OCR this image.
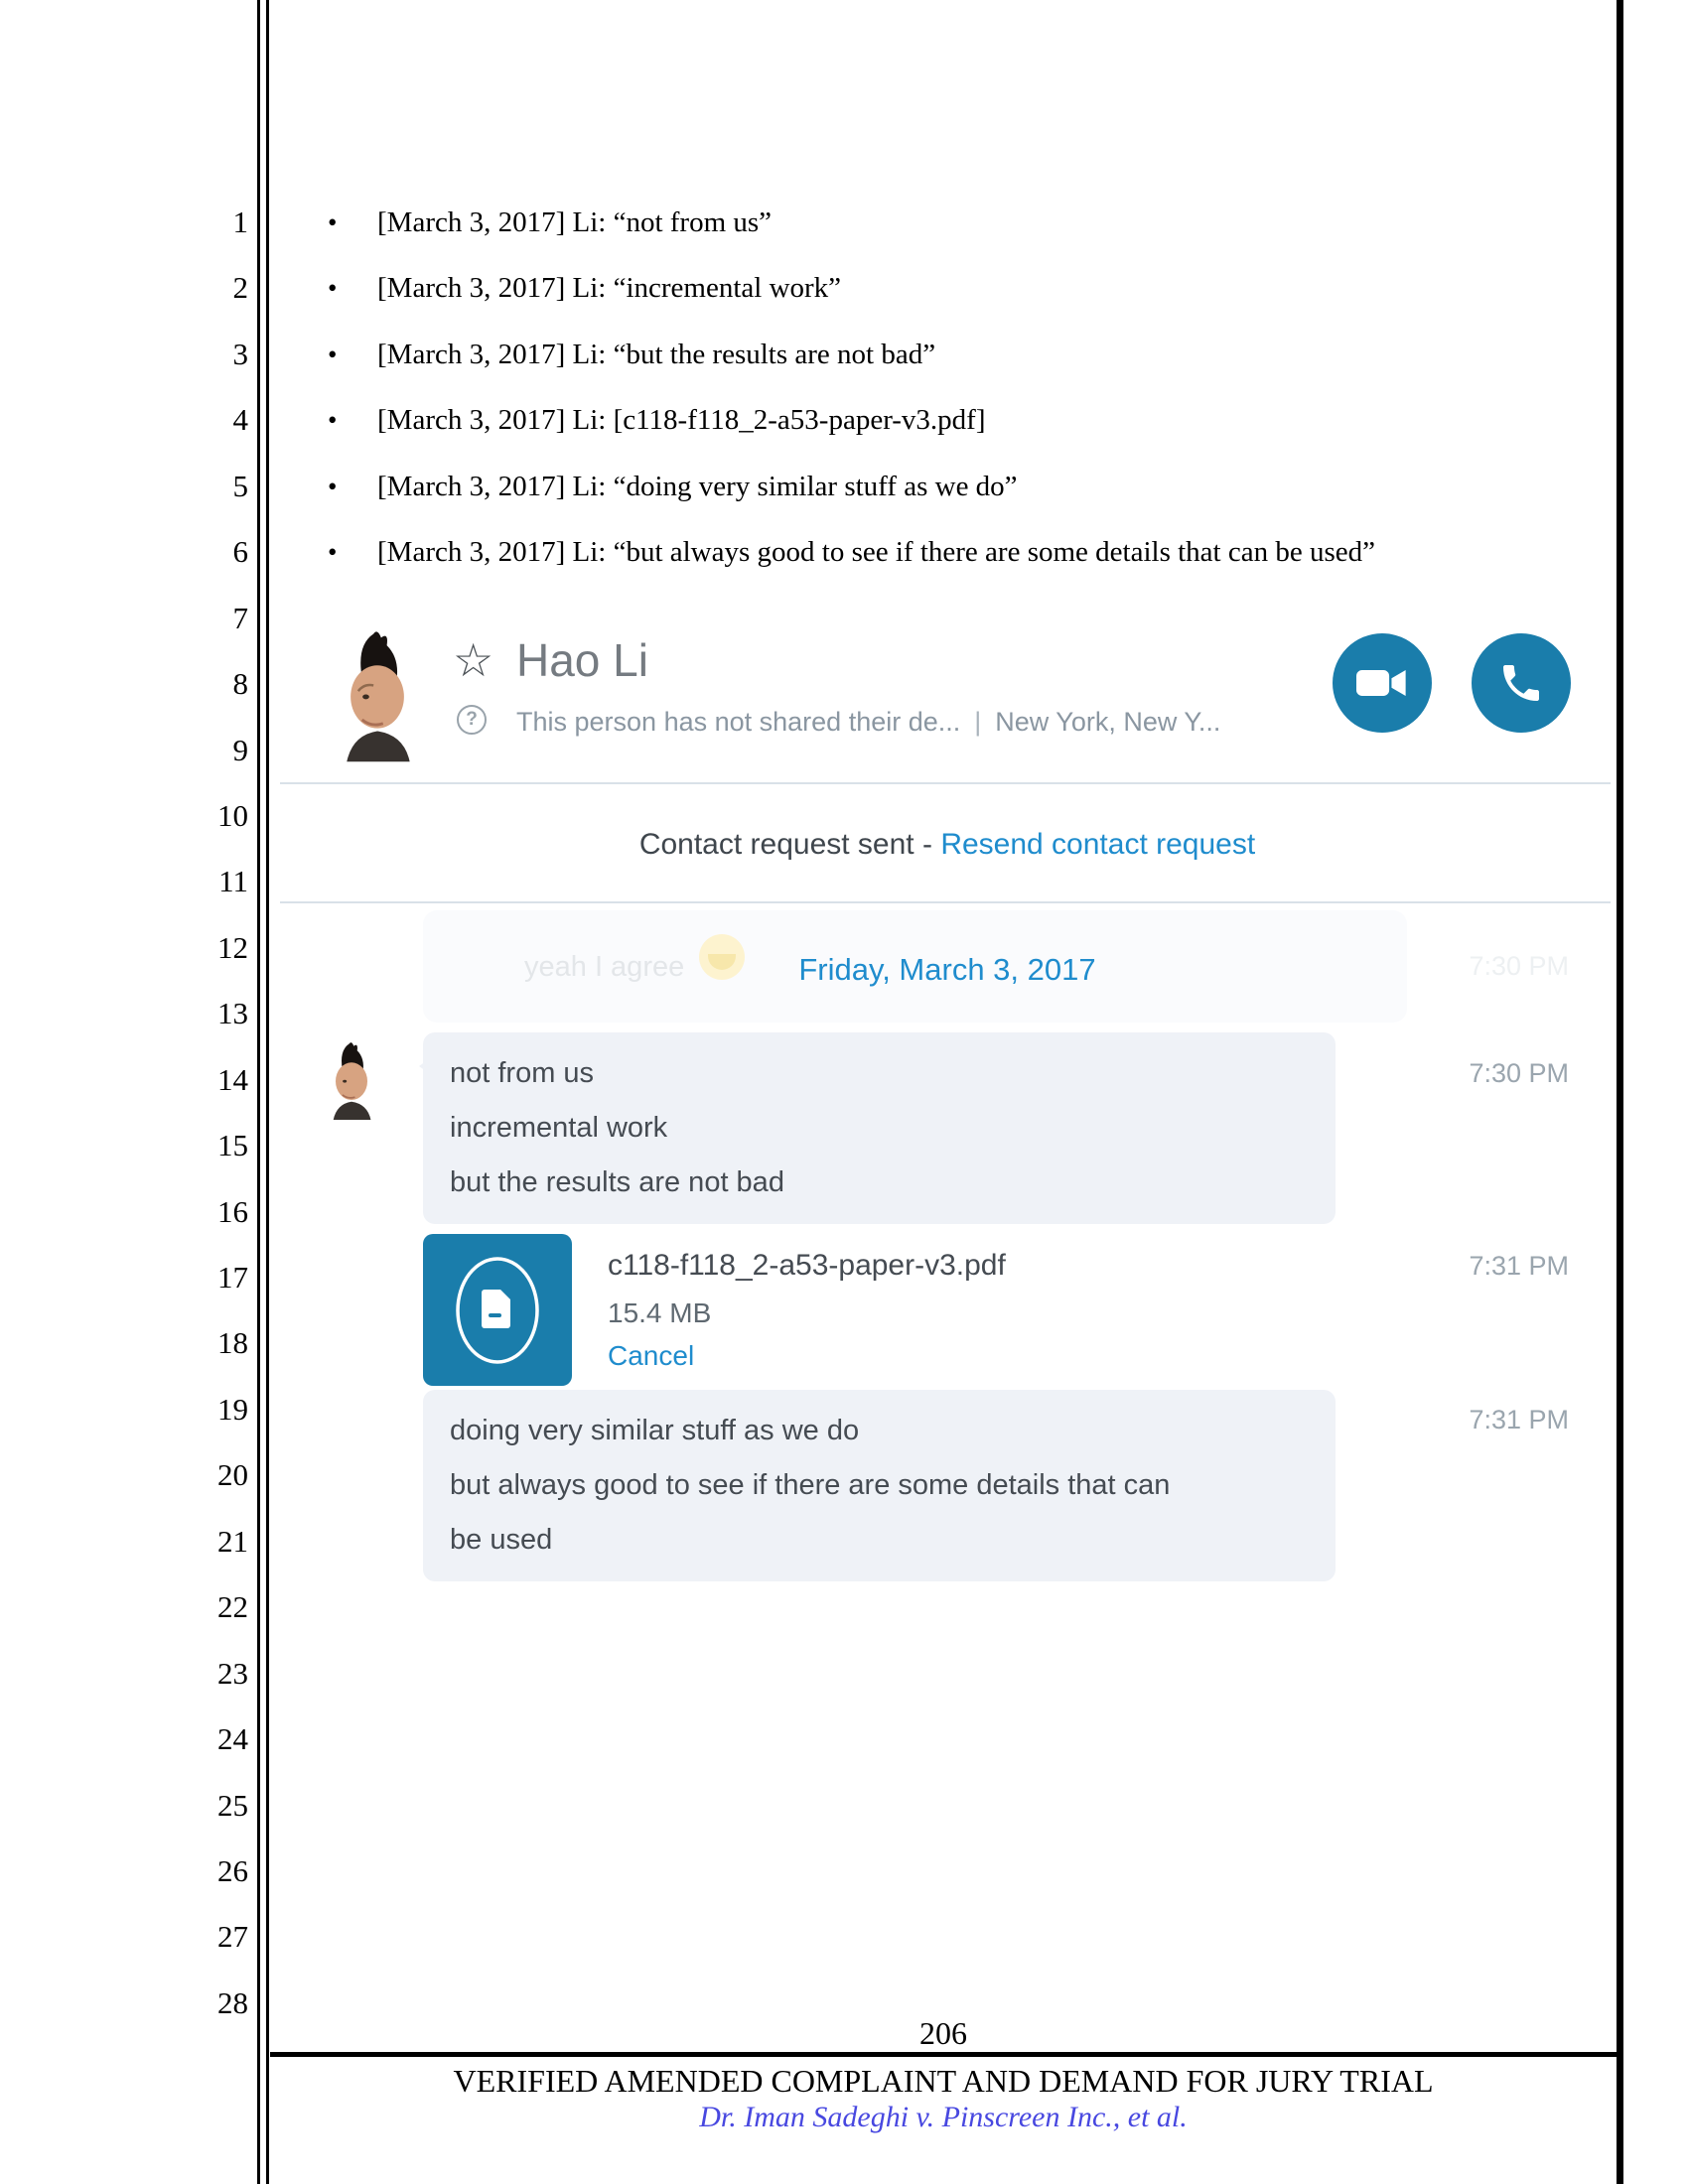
1
2
3
4
5
6
7
8
9
10
11
12
13
14
15
16
17
18
19
20
21
22
23
24
25
26
27
28
•	[March 3, 2017] Li: “not from us”
•	[March 3, 2017] Li: “incremental work”
•	[March 3, 2017] Li: “but the results are not bad”
•	[March 3, 2017] Li: [c118-f118_2-a53-paper-v3.pdf]
•	[March 3, 2017] Li: “doing very similar stuff as we do”
•	[March 3, 2017] Li: “but always good to see if there are some details that can be used”
☆ Hao Li
?	This person has not shared their de... | New York, New Y...
Contact request sent - Resend contact request
yeah I agree	7:30 PM
Friday, March 3, 2017
not from us
incremental work
but the results are not bad
7:30 PM
c118-f118_2-a53-paper-v3.pdf
15.4 MB
Cancel
7:31 PM
doing very similar stuff as we do
but always good to see if there are some details that can
be used
7:31 PM
206
VERIFIED AMENDED COMPLAINT AND DEMAND FOR JURY TRIAL
Dr. Iman Sadeghi v. Pinscreen Inc., et al.
